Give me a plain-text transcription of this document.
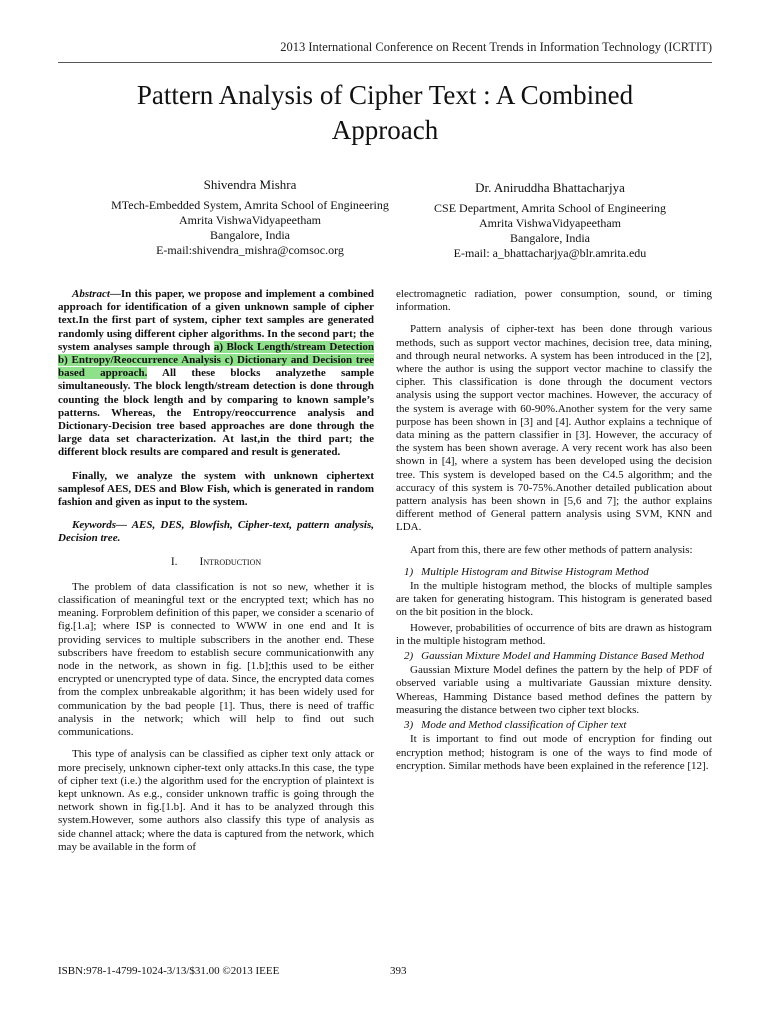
2013 International Conference on Recent Trends in Information Technology (ICRTIT)
Pattern Analysis of Cipher Text : A Combined
Approach
Shivendra Mishra
MTech-Embedded System, Amrita School of Engineering
Amrita VishwaVidyapeetham
Bangalore, India
E-mail:shivendra_mishra@comsoc.org
Dr. Aniruddha Bhattacharjya
CSE Department, Amrita School of Engineering
Amrita VishwaVidyapeetham
Bangalore, India
E-mail: a_bhattacharjya@blr.amrita.edu

Abstract—In this paper, we propose and implement a combined approach for identification of a given unknown sample of cipher text.In the first part of system, cipher text samples are generated randomly using different cipher algorithms. In the second part; the system analyses sample through a) Block Length/stream Detection b) Entropy/Reoccurrence Analysis c) Dictionary and Decision tree based approach. All these blocks analyzethe sample simultaneously. The block length/stream detection is done through counting the block length and by comparing to known sample’s patterns. Whereas, the Entropy/reoccurrence analysis and Dictionary-Decision tree based approaches are done through the large data set characterization. At last,in the third part; the different block results are compared and result is generated.

Finally, we analyze the system with unknown ciphertext samplesof AES, DES and Blow Fish, which is generated in random fashion and given as input to the system.

Keywords— AES, DES, Blowfish, Cipher-text, pattern analysis, Decision tree.

I. Introduction

The problem of data classification is not so new, whether it is classification of meaningful text or the encrypted text; which has no meaning. Forproblem definition of this paper, we consider a scenario of fig.[1.a]; where ISP is connected to WWW in one end and It is providing services to multiple subscribers in the another end. These subscribers have freedom to establish secure communicationwith any node in the network, as shown in fig. [1.b];this used to be either encrypted or unencrypted type of data. Since, the encrypted data comes from the complex unbreakable algorithm; it has been widely used for communication by the bad people [1]. Thus, there is need of traffic analysis in the network; which will help to find out such communications.

This type of analysis can be classified as cipher text only attack or more precisely, unknown cipher-text only attacks.In this case, the type of cipher text (i.e.) the algorithm used for the encryption of plaintext is kept unknown. As e.g., consider unknown traffic is going through the network shown in fig.[1.b]. And it has to be analyzed through this system.However, some authors also classify this type of analysis as side channel attack; where the data is captured from the network, which may be available in the form of

electromagnetic radiation, power consumption, sound, or timing information.

Pattern analysis of cipher-text has been done through various methods, such as support vector machines, decision tree, data mining, and through neural networks. A system has been introduced in the [2], where the author is using the support vector machine to classify the cipher. This classification is done through the document vectors analysis using the support vector machines. However, the accuracy of the system is average with 60-90%.Another system for the very same purpose has been shown in [3] and [4]. Author explains a technique of data mining as the pattern classifier in [3]. However, the accuracy of the system has been shown average. A very recent work has also been shown in [4], where a system has been developed using the decision tree. This system is developed based on the C4.5 algorithm; and the accuracy of this system is 70-75%.Another detailed publication about pattern analysis has been shown in [5,6 and 7]; the author explains different method of General pattern analysis using SVM, KNN and LDA.

Apart from this, there are few other methods of pattern analysis:

1) Multiple Histogram and Bitwise Histogram Method

In the multiple histogram method, the blocks of multiple samples are taken for generating histogram. This histogram is generated based on the bit position in the block.

However, probabilities of occurrence of bits are drawn as histogram in the multiple histogram method.

2) Gaussian Mixture Model and Hamming Distance Based Method

Gaussian Mixture Model defines the pattern by the help of PDF of observed variable using a multivariate Gaussian mixture density. Whereas, Hamming Distance based method defines the pattern by measuring the distance between two cipher text blocks.

3) Mode and Method classification of Cipher text

It is important to find out mode of encryption for finding out encryption method; histogram is one of the ways to find mode of encryption. Similar methods have been explained in the reference [12].

ISBN:978-1-4799-1024-3/13/$31.00 ©2013 IEEE	393
